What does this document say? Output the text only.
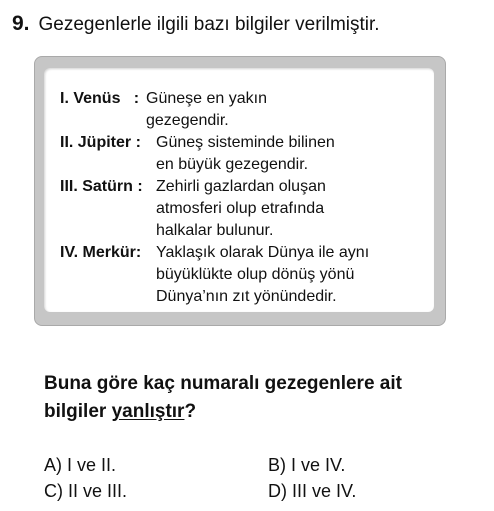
9. Gezegenlerle ilgili bazı bilgiler verilmiştir.
I. Venüs   : Güneşe en yakın
gezegendir.
II. Jüpiter : Güneş sisteminde bilinen
en büyük gezegendir.
III. Satürn : Zehirli gazlardan oluşan
atmosferi olup etrafında
halkalar bulunur.
IV. Merkür: Yaklaşık olarak Dünya ile aynı
büyüklükte olup dönüş yönü
Dünya’nın zıt yönündedir.
Buna göre kaç numaralı gezegenlere ait
bilgiler yanlıştır?
A) I ve II.	B) I ve IV.
C) II ve III.	D) III ve IV.
